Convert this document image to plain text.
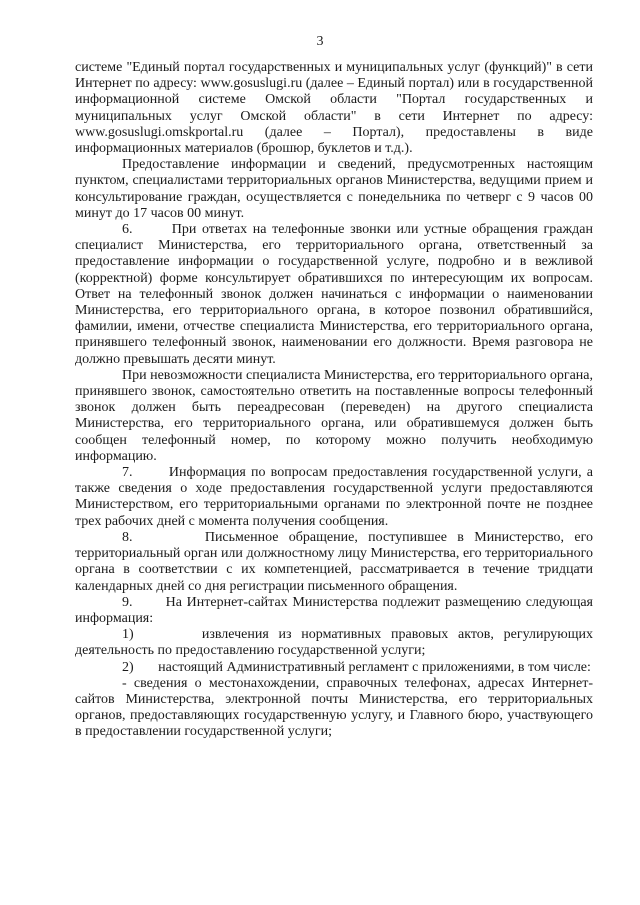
3

системе "Единый портал государственных и муниципальных услуг (функций)" в сети Интернет по адресу: www.gosuslugi.ru (далее – Единый портал) или в государственной информационной системе Омской области "Портал государственных и муниципальных услуг Омской области" в сети Интернет по адресу: www.gosuslugi.omskportal.ru (далее – Портал), предоставлены в виде информационных материалов (брошюр, буклетов и т.д.).

Предоставление информации и сведений, предусмотренных настоящим пунктом, специалистами территориальных органов Министерства, ведущими прием и консультирование граждан, осуществляется с понедельника по четверг с 9 часов 00 минут до 17 часов 00 минут.

6.       При ответах на телефонные звонки или устные обращения граждан специалист Министерства, его территориального органа, ответственный за предоставление информации о государственной услуге, подробно и в вежливой (корректной) форме консультирует обратившихся по интересующим их вопросам. Ответ на телефонный звонок должен начинаться с информации о наименовании Министерства, его территориального органа, в которое позвонил обратившийся, фамилии, имени, отчестве специалиста Министерства, его территориального органа, принявшего телефонный звонок, наименовании его должности. Время разговора не должно превышать десяти минут.

При невозможности специалиста Министерства, его территориального органа, принявшего звонок, самостоятельно ответить на поставленные вопросы телефонный звонок должен быть переадресован (переведен) на другого специалиста Министерства, его территориального органа, или обратившемуся должен быть сообщен телефонный номер, по которому можно получить необходимую информацию.

7.       Информация по вопросам предоставления государственной услуги, а также сведения о ходе предоставления государственной услуги предоставляются Министерством, его территориальными органами по электронной почте не позднее трех рабочих дней с момента получения сообщения.

8.       Письменное обращение, поступившее в Министерство, его территориальный орган или должностному лицу Министерства, его территориального органа в соответствии с их компетенцией, рассматривается в течение тридцати календарных дней со дня регистрации письменного обращения.

9.       На Интернет-сайтах Министерства подлежит размещению следующая информация:

1)       извлечения из нормативных правовых актов, регулирующих деятельность по предоставлению государственной услуги;

2)       настоящий Административный регламент с приложениями, в том числе:

- сведения о местонахождении, справочных телефонах, адресах Интернет-сайтов Министерства, электронной почты Министерства, его территориальных органов, предоставляющих государственную услугу, и Главного бюро, участвующего в предоставлении государственной услуги;
